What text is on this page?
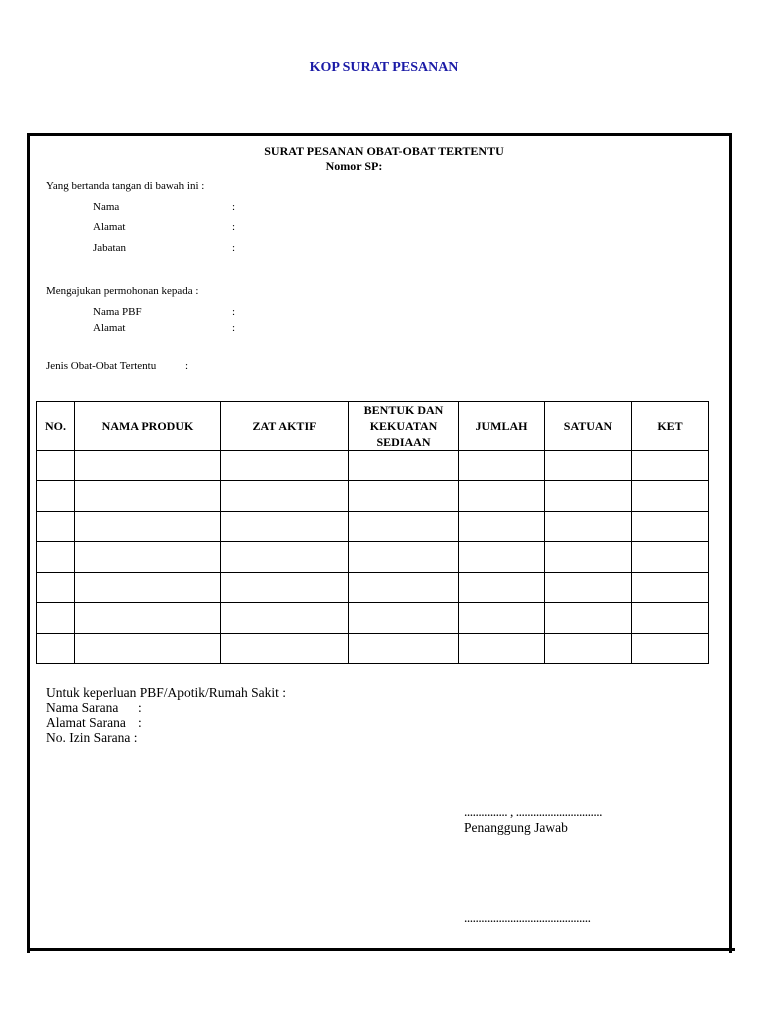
KOP SURAT PESANAN
SURAT PESANAN OBAT-OBAT TERTENTU
Nomor SP:
Yang bertanda tangan di bawah ini :
Nama	:
Alamat	:
Jabatan	:
Mengajukan permohonan kepada :
Nama PBF	:
Alamat	:
Jenis Obat-Obat Tertentu	:
NO.	NAMA PRODUK	ZAT AKTIF	BENTUK DAN KEKUATAN SEDIAAN	JUMLAH	SATUAN	KET

Untuk keperluan PBF/Apotik/Rumah Sakit :
Nama Sarana :
Alamat Sarana :
No. Izin Sarana :
............... , ..............................
Penanggung Jawab
............................................
